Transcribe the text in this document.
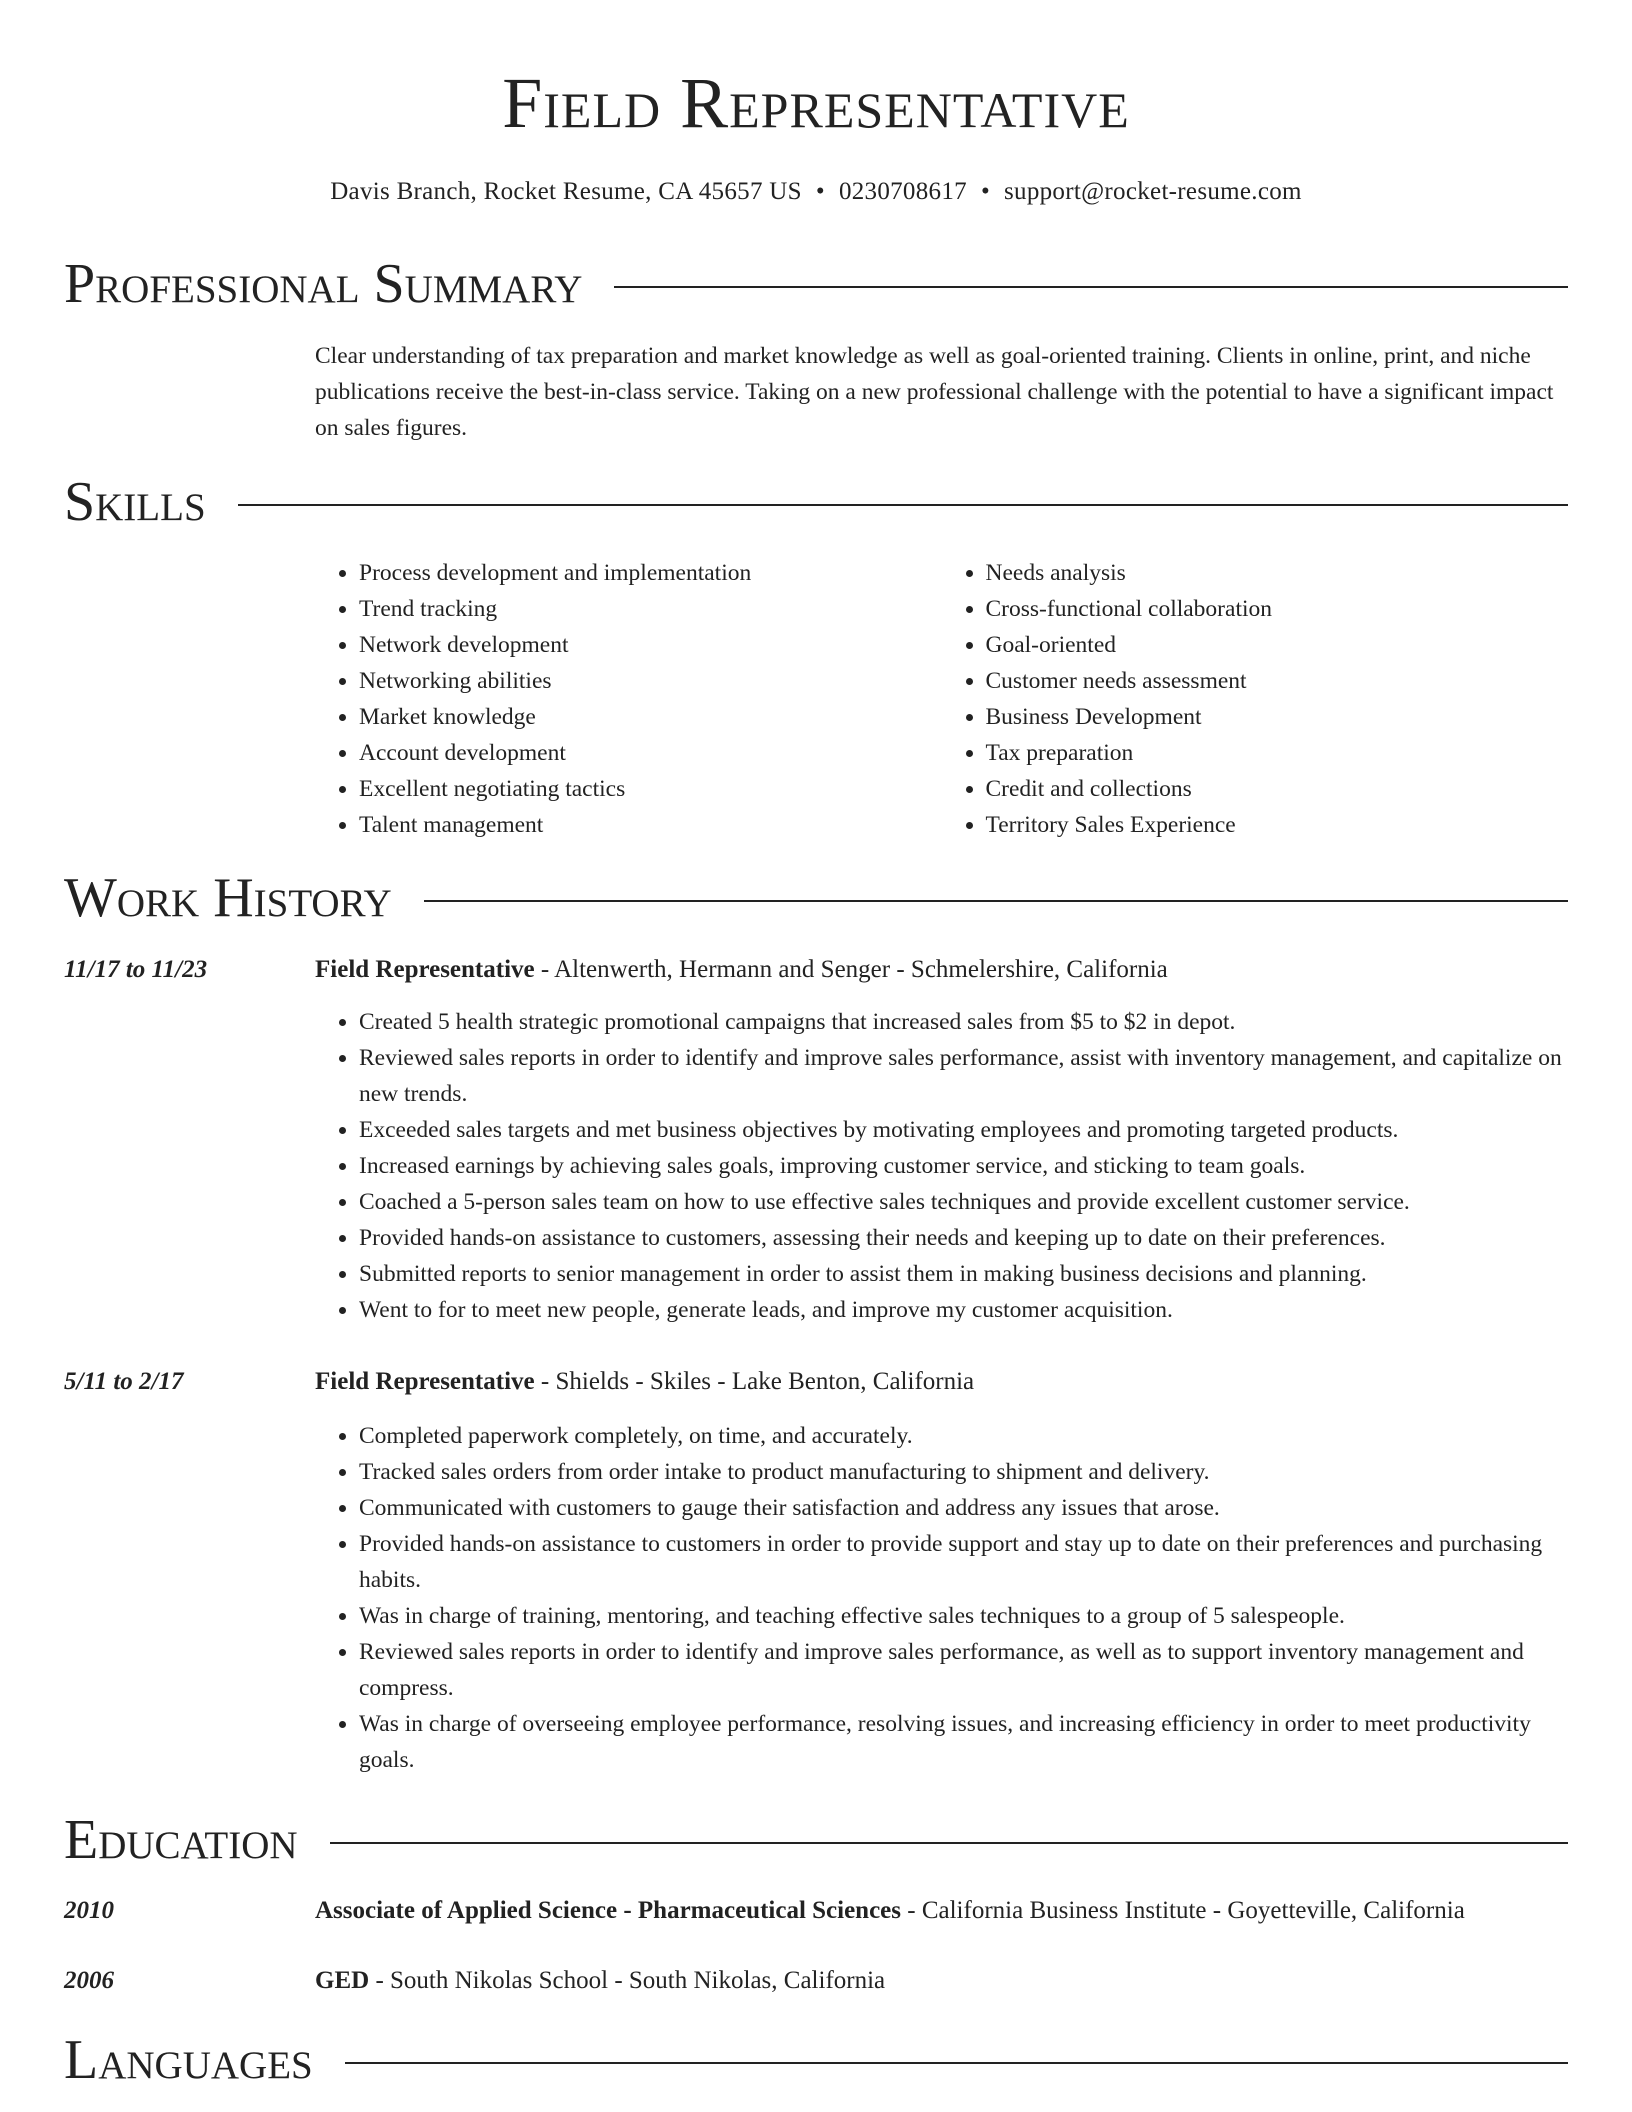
Field Representative
Davis Branch, Rocket Resume, CA 45657 US • 0230708617 • support@rocket-resume.com
Professional Summary
Clear understanding of tax preparation and market knowledge as well as goal-oriented training. Clients in online, print, and niche publications receive the best-in-class service. Taking on a new professional challenge with the potential to have a significant impact on sales figures.
Skills
• Process development and implementation
• Trend tracking
• Network development
• Networking abilities
• Market knowledge
• Account development
• Excellent negotiating tactics
• Talent management
• Needs analysis
• Cross-functional collaboration
• Goal-oriented
• Customer needs assessment
• Business Development
• Tax preparation
• Credit and collections
• Territory Sales Experience
Work History
11/17 to 11/23	Field Representative - Altenwerth, Hermann and Senger - Schmelershire, California
• Created 5 health strategic promotional campaigns that increased sales from $5 to $2 in depot.
• Reviewed sales reports in order to identify and improve sales performance, assist with inventory management, and capitalize on new trends.
• Exceeded sales targets and met business objectives by motivating employees and promoting targeted products.
• Increased earnings by achieving sales goals, improving customer service, and sticking to team goals.
• Coached a 5-person sales team on how to use effective sales techniques and provide excellent customer service.
• Provided hands-on assistance to customers, assessing their needs and keeping up to date on their preferences.
• Submitted reports to senior management in order to assist them in making business decisions and planning.
• Went to for to meet new people, generate leads, and improve my customer acquisition.
5/11 to 2/17	Field Representative - Shields - Skiles - Lake Benton, California
• Completed paperwork completely, on time, and accurately.
• Tracked sales orders from order intake to product manufacturing to shipment and delivery.
• Communicated with customers to gauge their satisfaction and address any issues that arose.
• Provided hands-on assistance to customers in order to provide support and stay up to date on their preferences and purchasing habits.
• Was in charge of training, mentoring, and teaching effective sales techniques to a group of 5 salespeople.
• Reviewed sales reports in order to identify and improve sales performance, as well as to support inventory management and compress.
• Was in charge of overseeing employee performance, resolving issues, and increasing efficiency in order to meet productivity goals.
Education
2010	Associate of Applied Science - Pharmaceutical Sciences - California Business Institute - Goyetteville, California
2006	GED - South Nikolas School - South Nikolas, California
Languages
